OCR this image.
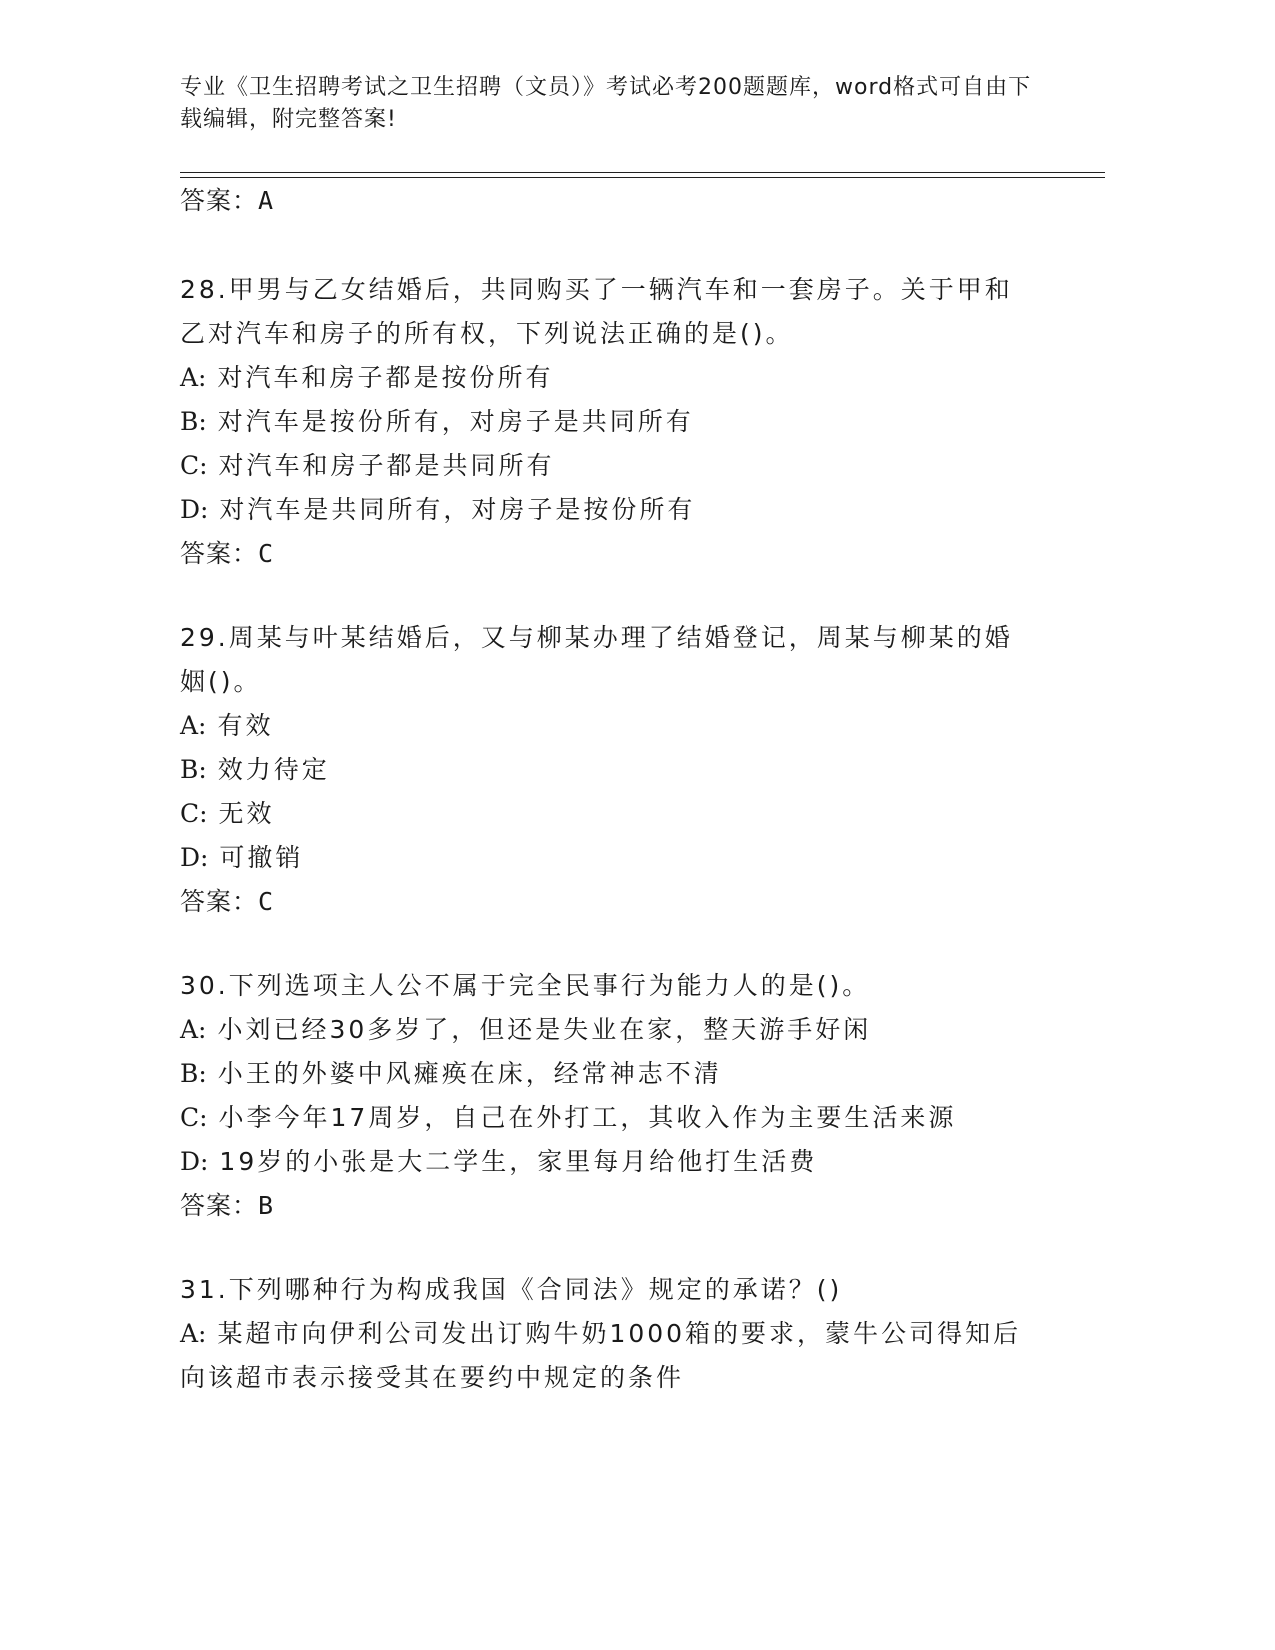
专业《卫生招聘考试之卫生招聘（文员）》考试必考200题题库，word格式可自由下载编辑，附完整答案!
答案：A

28.甲男与乙女结婚后，共同购买了一辆汽车和一套房子。关于甲和乙对汽车和房子的所有权，下列说法正确的是()。

A: 对汽车和房子都是按份所有

B: 对汽车是按份所有，对房子是共同所有

C: 对汽车和房子都是共同所有

D: 对汽车是共同所有，对房子是按份所有

答案：C

29.周某与叶某结婚后，又与柳某办理了结婚登记，周某与柳某的婚姻()。

A: 有效

B: 效力待定

C: 无效

D: 可撤销

答案：C

30.下列选项主人公不属于完全民事行为能力人的是()。

A: 小刘已经30多岁了，但还是失业在家，整天游手好闲

B: 小王的外婆中风瘫痪在床，经常神志不清

C: 小李今年17周岁，自己在外打工，其收入作为主要生活来源

D: 19岁的小张是大二学生，家里每月给他打生活费

答案：B

31.下列哪种行为构成我国《合同法》规定的承诺？()

A: 某超市向伊利公司发出订购牛奶1000箱的要求，蒙牛公司得知后向该超市表示接受其在要约中规定的条件
